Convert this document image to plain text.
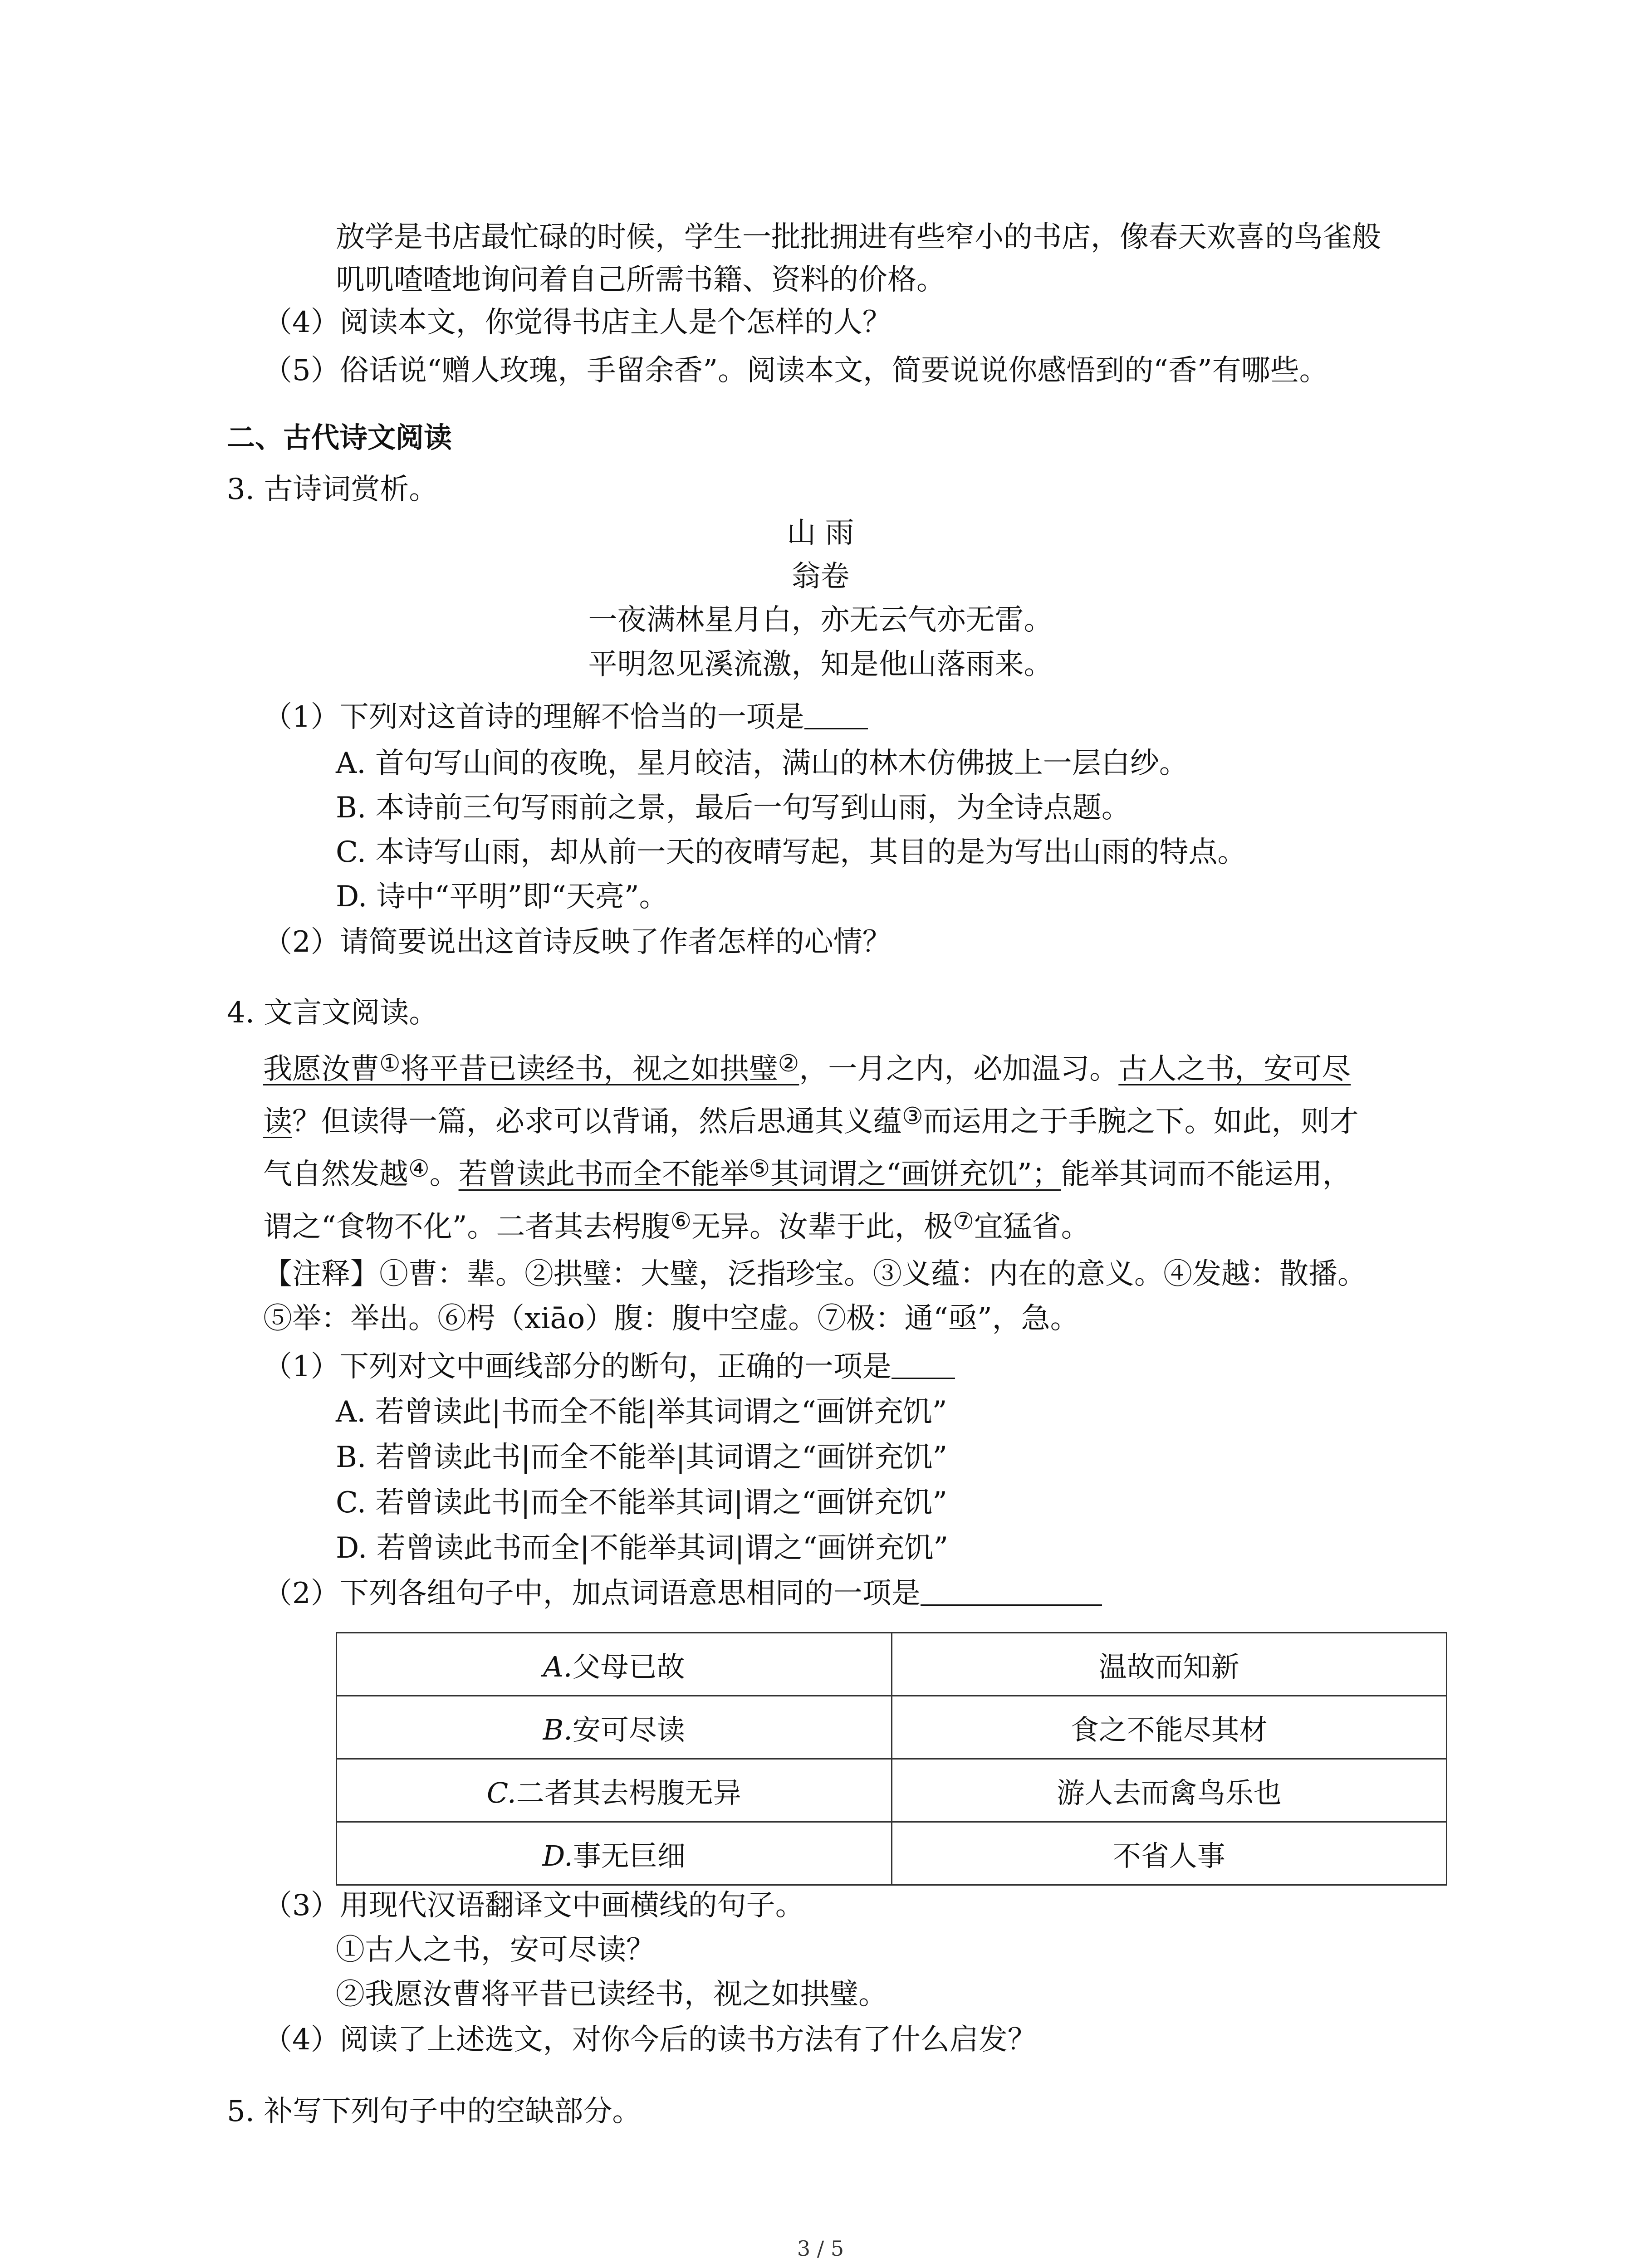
放学是书店最忙碌的时候，学生一批批拥进有些窄小的书店，像春天欢喜的鸟雀般
叽叽喳喳地询问着自己所需书籍、资料的价格。
（4）阅读本文，你觉得书店主人是个怎样的人？
（5）俗话说“赠人玫瑰，手留余香”。阅读本文，简要说说你感悟到的“香”有哪些。
二、古代诗文阅读
3. 古诗词赏析。
山 雨
翁卷
一夜满林星月白，亦无云气亦无雷。
平明忽见溪流激，知是他山落雨来。
（1）下列对这首诗的理解不恰当的一项是
A. 首句写山间的夜晚，星月皎洁，满山的林木仿佛披上一层白纱。
B. 本诗前三句写雨前之景，最后一句写到山雨，为全诗点题。
C. 本诗写山雨，却从前一天的夜晴写起，其目的是为写出山雨的特点。
D. 诗中“平明”即“天亮”。
（2）请简要说出这首诗反映了作者怎样的心情？
4. 文言文阅读。
我愿汝曹①将平昔已读经书，视之如拱璧②，一月之内，必加温习。古人之书，安可尽
读？但读得一篇，必求可以背诵，然后思通其义蕴③而运用之于手腕之下。如此，则才
气自然发越④。若曾读此书而全不能举⑤其词谓之“画饼充饥”；能举其词而不能运用，
谓之“食物不化”。二者其去枵腹⑥无异。汝辈于此，极⑦宜猛省。
【注释】①曹：辈。②拱璧：大璧，泛指珍宝。③义蕴：内在的意义。④发越：散播。
⑤举：举出。⑥枵（xiāo）腹：腹中空虚。⑦极：通“亟”，急。
（1）下列对文中画线部分的断句，正确的一项是
A. 若曾读此|书而全不能|举其词谓之“画饼充饥”
B. 若曾读此书|而全不能举|其词谓之“画饼充饥”
C. 若曾读此书|而全不能举其词|谓之“画饼充饥”
D. 若曾读此书而全|不能举其词|谓之“画饼充饥”
（2）下列各组句子中，加点词语意思相同的一项是
A.父母已故	温故而知新
B.安可尽读	食之不能尽其材
C.二者其去枵腹无异	游人去而禽鸟乐也
D.事无巨细	不省人事
（3）用现代汉语翻译文中画横线的句子。
①古人之书，安可尽读？
②我愿汝曹将平昔已读经书，视之如拱璧。
（4）阅读了上述选文，对你今后的读书方法有了什么启发？
5. 补写下列句子中的空缺部分。
3 / 5
